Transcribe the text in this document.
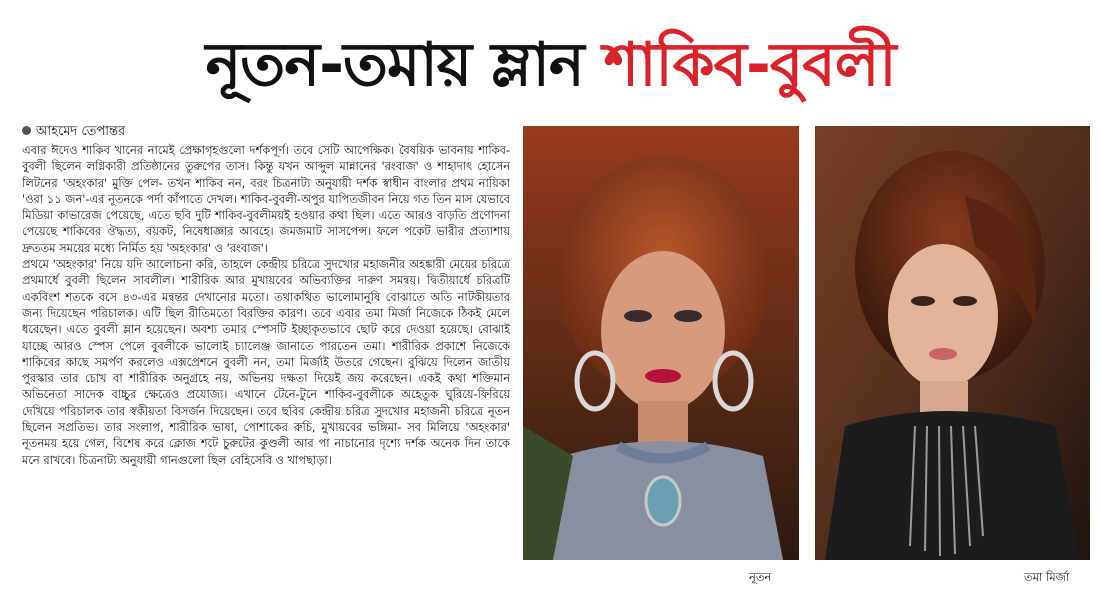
নূতন-তমায় ম্লান শাকিব-বুবলী
আহমেদ তেপান্তর

এবার ঈদেও শাকিব খানের নামেই প্রেক্ষাগৃহগুলো দর্শকপূর্ণ। তবে সেটি আপেক্ষিক। বৈষয়িক ভাবনায় শাকিব-বুবলী ছিলেন লগ্নিকারী প্রতিষ্ঠানের তুরুপের তাস। কিন্তু যখন আব্দুল মান্নানের 'রংবাজ' ও শাহাদাৎ হোসেন লিটনের 'অহংকার' মুক্তি পেল- তখন শাকিব নন, বরং চিত্রনাট্য অনুযায়ী দর্শক স্বাধীন বাংলার প্রথম নায়িকা 'ওরা ১১ জন'-এর নূতনকে পর্দা কাঁপাতে দেখল। শাকিব-বুবলী-অপুর যাপিতজীবন নিয়ে গত তিন মাস যেভাবে মিডিয়া কাভারেজ পেয়েছে, এতে ছবি দুটি শাকিব-বুবলীময়ই হওয়ার কথা ছিল। এতে আরও বাড়তি প্রণোদনা পেয়েছে শাকিবের ঔদ্ধত্য, বয়কট, নিষেধাজ্ঞার আবহে। জমজমাট সাসপেন্স। ফলে পকেট ভারীর প্রত্যাশায় দ্রুততম সময়ের মধ্যে নির্মিত হয় 'অহংকার' ও 'রংবাজ'।

প্রথমে 'অহংকার' নিয়ে যদি আলোচনা করি, তাহলে কেন্দ্রীয় চরিত্রে সুদখোর মহাজনীর অহঙ্কারী মেয়ের চরিত্রে প্রথমার্ধে বুবলী ছিলেন সাবলীল। শারীরিক আর মুখায়বের অভিব্যক্তির দারুণ সমন্বয়। দ্বিতীয়ার্ধে চরিত্রটি একবিংশ শতকে বসে ৪৩-এর মন্বন্তর দেখানোর মতো। তথাকথিত ভালোমানুষি বোঝাতে অতি নাটকীয়তার জন্য দিয়েছেন পরিচালক। এটি ছিল রীতিমতো বিরক্তির কারণ। তবে এবার তমা মির্জা নিজেকে ঠিকই মেলে ধরেছেন। এতে বুবলী ম্লান হয়েছেন। অবশ্য তমার স্পেসটি ইচ্ছাকৃতভাবে ছোট করে দেওয়া হয়েছে। বোঝাই যাচ্ছে আরও স্পেস পেলে বুবলীকে ভালোই চ্যালেঞ্জ জানাতে পারতেন তমা। শারীরিক প্রকাশে নিজেকে শাকিবের কাছে সমর্পণ করলেও এক্সপ্রেশনে বুবলী নন, তমা মির্জাই উতরে গেছেন। বুঝিয়ে দিলেন জাতীয় পুরস্কার তার চোখ বা শারীরিক অনুগ্রহে নয়, অভিনয় দক্ষতা দিয়েই জয় করেছেন। একই কথা শক্তিমান অভিনেতা সাদেক বাচ্চুর ক্ষেত্রেও প্রযোজ্য। এখানে টেনে-টুনে শাকিব-বুবলীকে অহেতুক ঘুরিয়ে-ফিরিয়ে দেখিয়ে পরিচালক তার স্বকীয়তা বিসর্জন দিয়েছেন। তবে ছবির কেন্দ্রীয় চরিত্র সুদখোর মহাজনী চরিত্রে নূতন ছিলেন সপ্রতিভ। তার সংলাপ, শারীরিক ভাষা, পোশাকের রুচি, মুখায়বের ভঙ্গিমা- সব মিলিয়ে 'অহংকার' নূতনময় হয়ে গেল, বিশেষ করে ক্লোজ শটে চুরুটের কুণ্ডলী আর পা নাচানোর দৃশ্যে দর্শক অনেক দিন তাকে মনে রাখবে। চিত্রনাট্য অনুযায়ী গানগুলো ছিল বেহিসেবি ও খাপছাড়া।

নূতন	তমা মির্জা
